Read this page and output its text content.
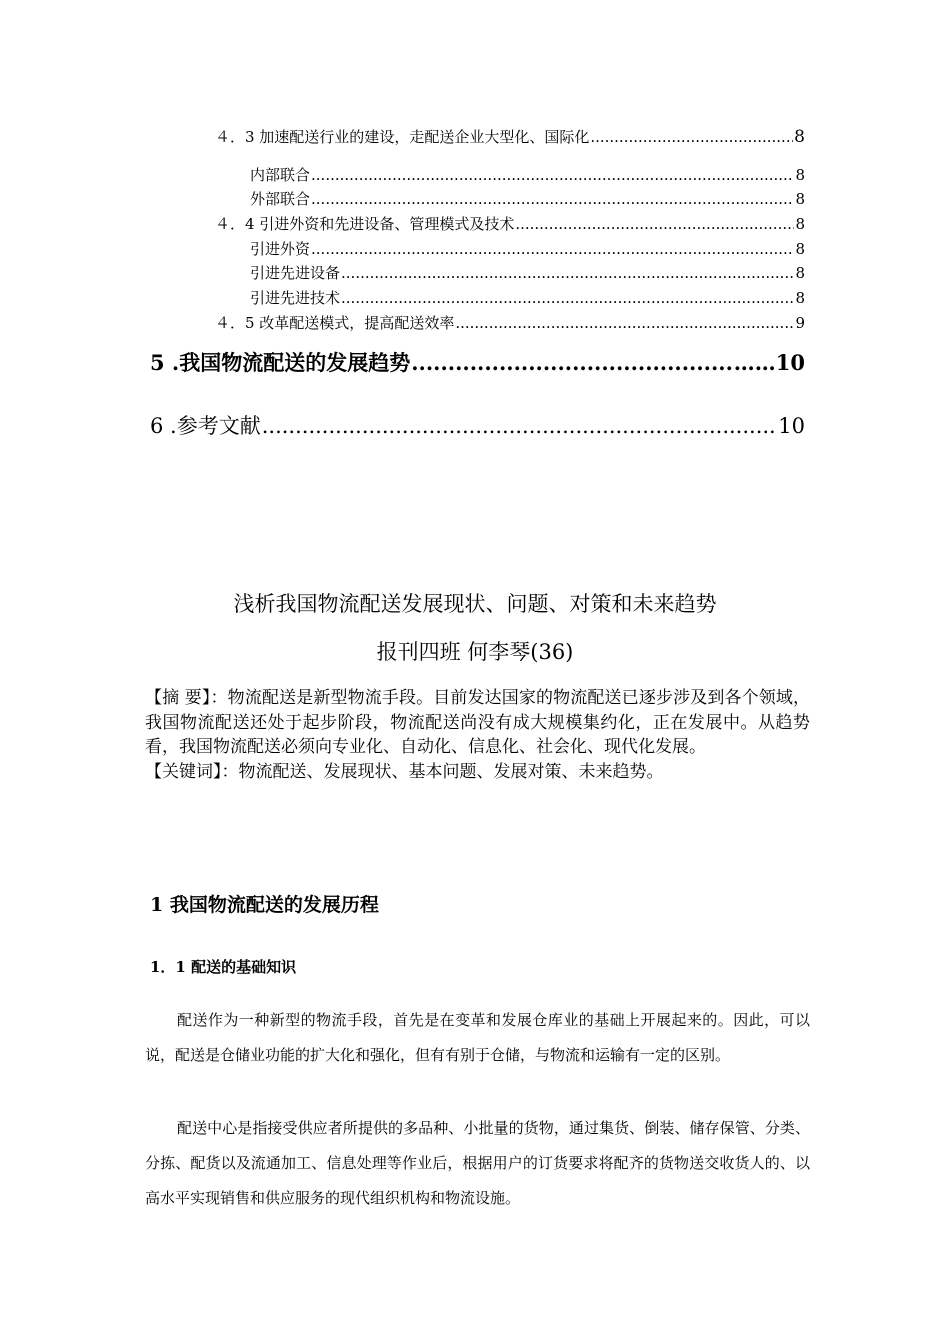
４．3 加速配送行业的建设，走配送企业大型化、国际化 .....	8
内部联合 .....	8
外部联合 .....	8
４．4 引进外资和先进设备、管理模式及技术 .....	8
引进外资 .....	8
引进先进设备 .....	8
引进先进技术 .....	8
４．5 改革配送模式，提高配送效率 .....	9
5 .我国物流配送的发展趋势 .....	……10
6 .参考文献 .....	10
浅析我国物流配送发展现状、问题、对策和未来趋势
报刊四班 何李琴(36)
【摘 要】：物流配送是新型物流手段。目前发达国家的物流配送已逐步涉及到各个领域，我国物流配送还处于起步阶段，物流配送尚没有成大规模集约化，正在发展中。从趋势看，我国物流配送必须向专业化、自动化、信息化、社会化、现代化发展。
【关键词】：物流配送、发展现状、基本问题、发展对策、未来趋势。
1 我国物流配送的发展历程
1．1 配送的基础知识
配送作为一种新型的物流手段，首先是在变革和发展仓库业的基础上开展起来的。因此，可以说，配送是仓储业功能的扩大化和强化，但有有别于仓储，与物流和运输有一定的区别。
配送中心是指接受供应者所提供的多品种、小批量的货物，通过集货、倒装、储存保管、分类、分拣、配货以及流通加工、信息处理等作业后，根据用户的订货要求将配齐的货物送交收货人的、以高水平实现销售和供应服务的现代组织机构和物流设施。
